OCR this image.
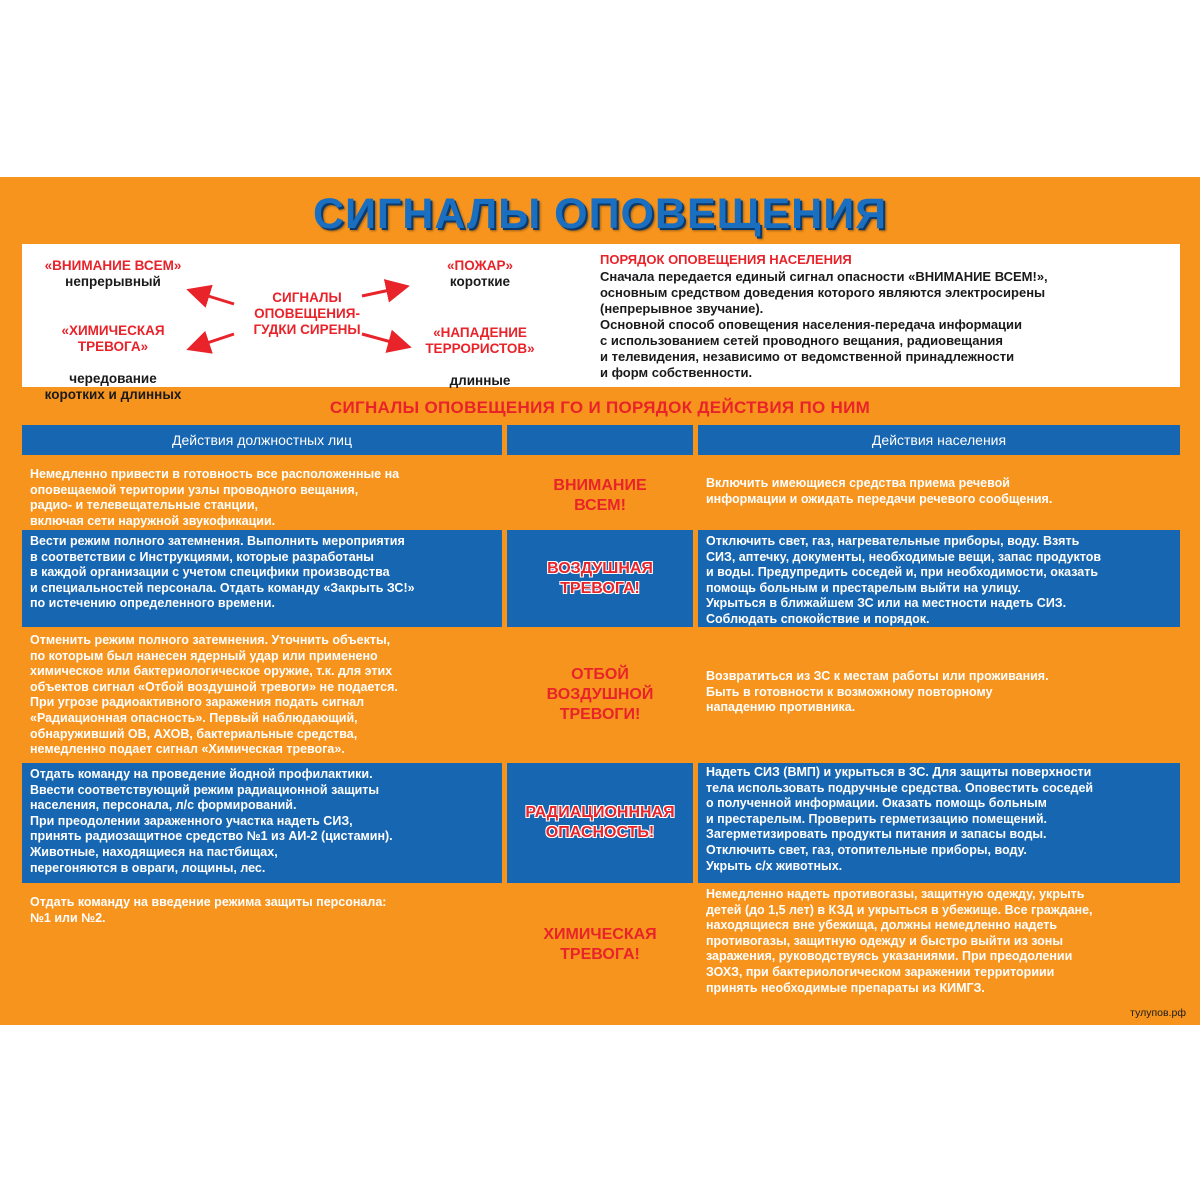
СИГНАЛЫ ОПОВЕЩЕНИЯ
СИГНАЛЫ
ОПОВЕЩЕНИЯ-
ГУДКИ СИРЕНЫ
«ВНИМАНИЕ ВСЕМ»
непрерывный

«ХИМИЧЕСКАЯ
ТРЕВОГА»

чередование
коротких и длинных

«ПОЖАР»
короткие

«НАПАДЕНИЕ
ТЕРРОРИСТОВ»

длинные

ПОРЯДОК ОПОВЕЩЕНИЯ НАСЕЛЕНИЯ

Сначала передается единый сигнал опасности «ВНИМАНИЕ ВСЕМ!»,
основным средством доведения которого являются электросирены
(непрерывное звучание).

Основной способ оповещения населения-передача информации
с использованием сетей проводного вещания, радиовещания
и телевидения, независимо от ведомственной принадлежности
и форм собственности.

СИГНАЛЫ ОПОВЕЩЕНИЯ ГО И ПОРЯДОК ДЕЙСТВИЯ ПО НИМ
Действия должностных лиц	Действия населения
Немедленно привести в готовность все расположенные на
оповещаемой територии узлы проводного вещания,
радио- и телевещательные станции,
включая сети наружной звукофикации.
ВНИМАНИЕ
ВСЕМ!
Включить имеющиеся средства приема речевой
информации и ожидать передачи речевого сообщения.
Вести режим полного затемнения. Выполнить мероприятия
в соответствии с Инструкциями, которые разработаны
в каждой организации с учетом специфики производства
и специальностей персонала. Отдать команду «Закрыть ЗС!»
по истечению определенного времени.
ВОЗДУШНАЯ
ТРЕВОГА!
Отключить свет, газ, нагревательные приборы, воду. Взять
СИЗ, аптечку, документы, необходимые вещи, запас продуктов
и воды. Предупредить соседей и, при необходимости, оказать
помощь больным и престарелым выйти на улицу.
Укрыться в ближайшем ЗС или на местности надеть СИЗ.
Соблюдать спокойствие и порядок.
Отменить режим полного затемнения. Уточнить объекты,
по которым был нанесен ядерный удар или применено
химическое или бактериологическое оружие, т.к. для этих
объектов сигнал «Отбой воздушной тревоги» не подается.
При угрозе радиоактивного заражения подать сигнал
«Радиационная опасность». Первый наблюдающий,
обнаруживший ОВ, АХОВ, бактериальные средства,
немедленно подает сигнал «Химическая тревога».
ОТБОЙ
ВОЗДУШНОЙ
ТРЕВОГИ!
Возвратиться из ЗС к местам работы или проживания.
Быть в готовности к возможному повторному
нападению противника.
Отдать команду на проведение йодной профилактики.
Ввести соответствующий режим радиационной защиты
населения, персонала, л/с формирований.
При преодолении зараженного участка надеть СИЗ,
принять радиозащитное средство №1 из АИ-2 (цистамин).
Животные, находящиеся на пастбищах,
перегоняются в овраги, лощины, лес.
РАДИАЦИОНННАЯ
ОПАСНОСТЬ!
Надеть СИЗ (ВМП) и укрыться в ЗС. Для защиты поверхности
тела использовать подручные средства. Оповестить соседей
о полученной информации. Оказать помощь больным
и престарелым. Проверить герметизацию помещений.
Загерметизировать продукты питания и запасы воды.
Отключить свет, газ, отопительные приборы, воду.
Укрыть с/х животных.
Отдать команду на введение режима защиты персонала:
№1 или №2.
ХИМИЧЕСКАЯ
ТРЕВОГА!
Немедленно надеть противогазы, защитную одежду, укрыть
детей (до 1,5 лет) в КЗД и укрыться в убежище. Все граждане,
находящиеся вне убежища, должны немедленно надеть
противогазы, защитную одежду и быстро выйти из зоны
заражения, руководствуясь указаниями. При преодолении
ЗОХЗ, при бактериологическом заражении территориии
принять необходимые препараты из КИМГЗ.
тулупов.рф
